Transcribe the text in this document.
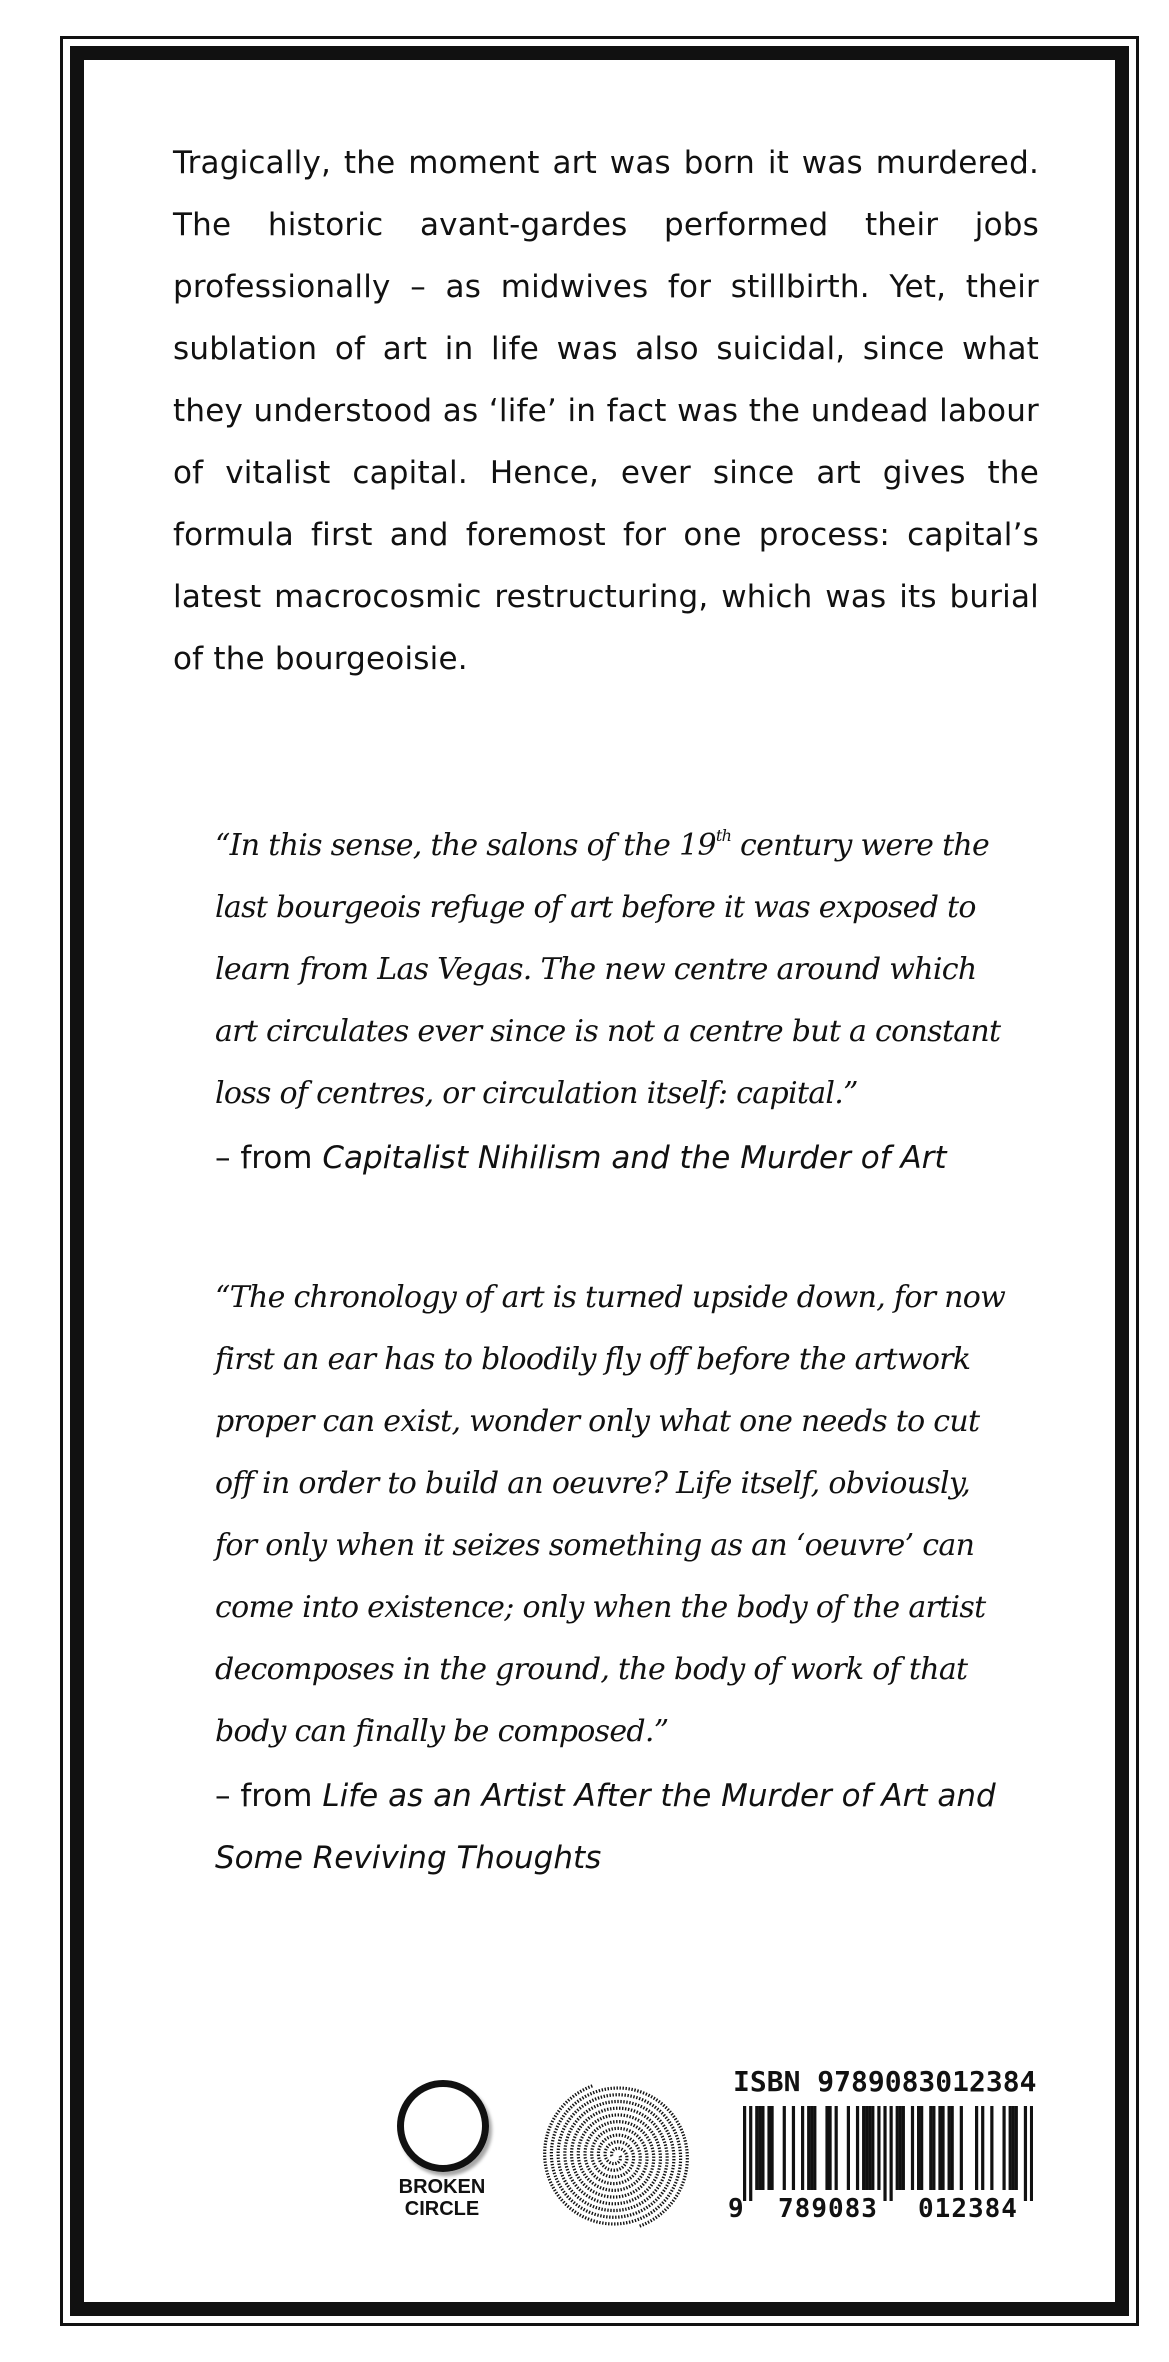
Tragically, the moment art was born it was murdered. The historic avant-gardes performed their jobs professionally – as midwives for stillbirth. Yet, their sublation of art in life was also suicidal, since what they understood as ‘life’ in fact was the undead labour of vitalist capital. Hence, ever since art gives the formula first and foremost for one process: capital’s latest macrocosmic restructuring, which was its burial of the bourgeoisie.

“In this sense, the salons of the 19th century were the last bourgeois refuge of art before it was exposed to learn from Las Vegas. The new centre around which art circulates ever since is not a centre but a constant loss of centres, or circulation itself: capital.”

– from Capitalist Nihilism and the Murder of Art

“The chronology of art is turned upside down, for now first an ear has to bloodily fly off before the artwork proper can exist, wonder only what one needs to cut off in order to build an oeuvre? Life itself, obviously, for only when it seizes something as an ‘oeuvre’ can come into existence; only when the body of the artist decomposes in the ground, the body of work of that body can finally be composed.”

– from Life as an Artist After the Murder of Art and Some Reviving Thoughts

BROKEN
CIRCLE
ISBN 9789083012384
9 789083 012384
